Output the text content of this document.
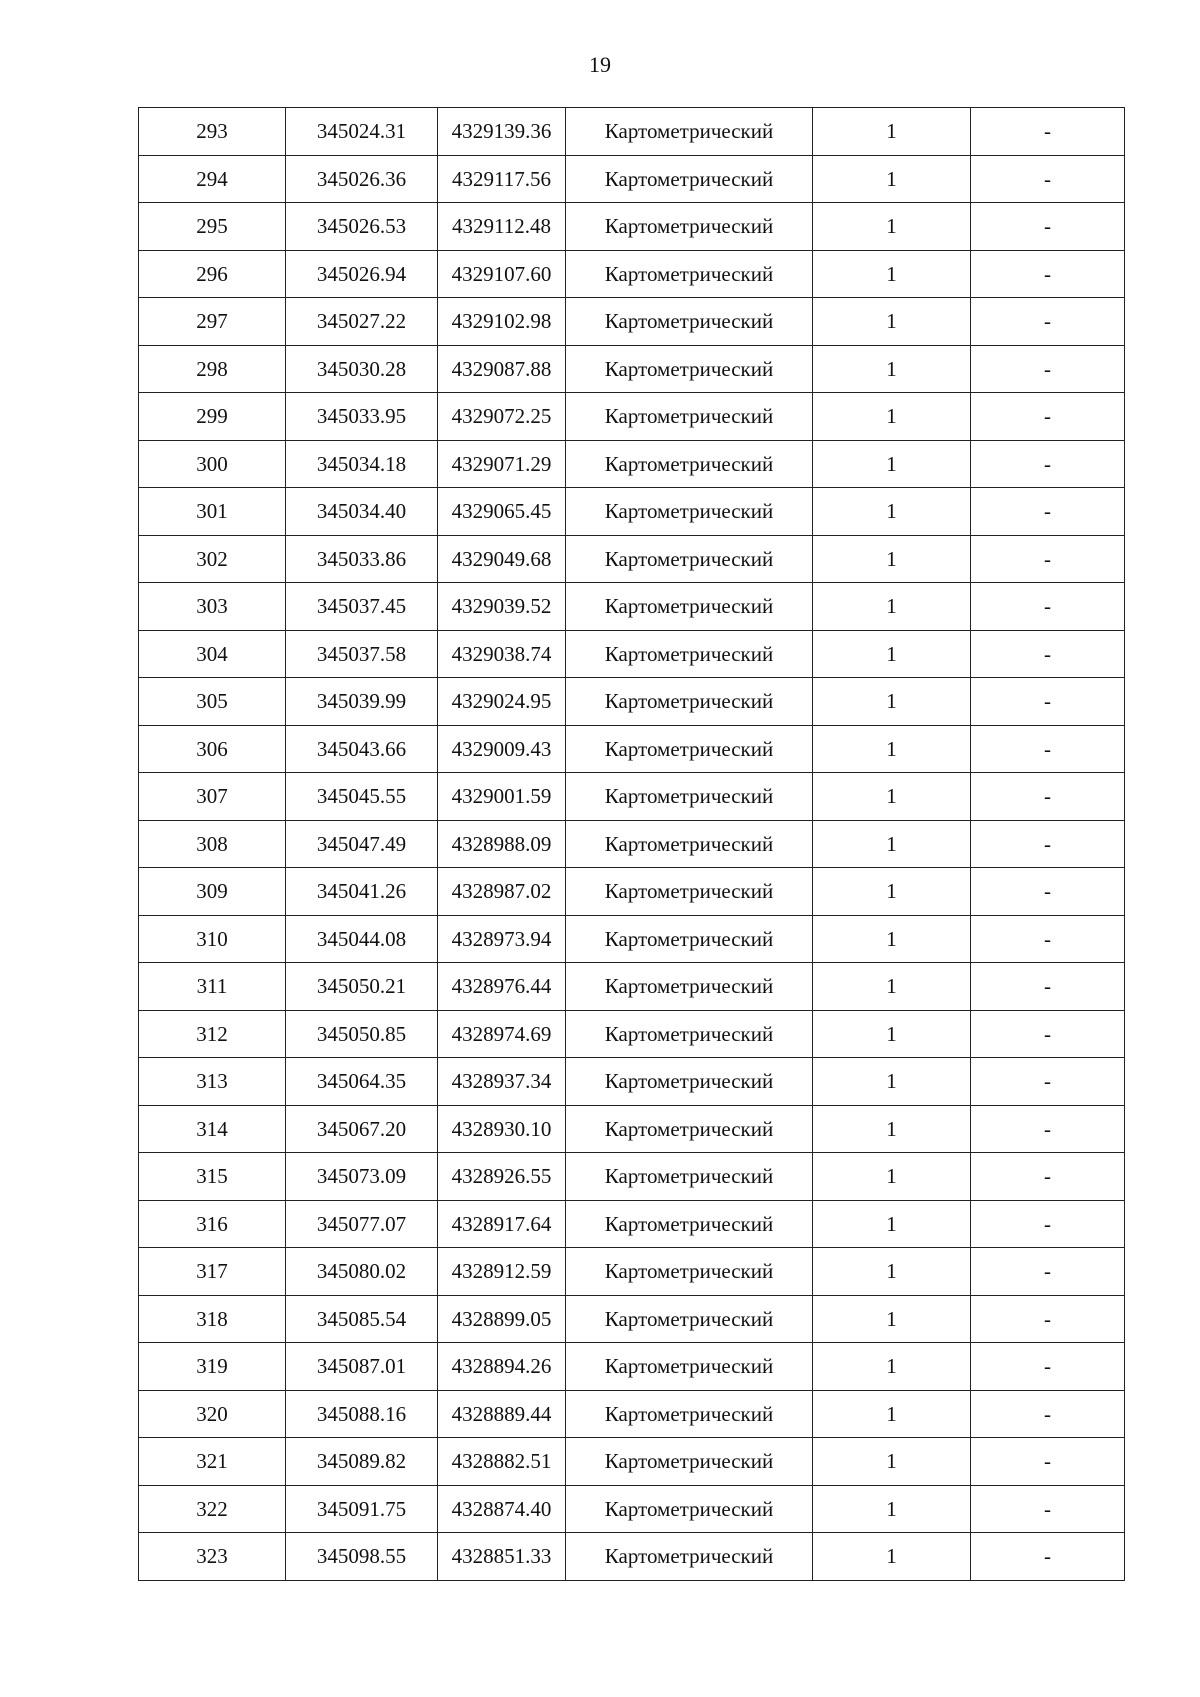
19
293	345024.31	4329139.36	Картометрический	1	-
294	345026.36	4329117.56	Картометрический	1	-
295	345026.53	4329112.48	Картометрический	1	-
296	345026.94	4329107.60	Картометрический	1	-
297	345027.22	4329102.98	Картометрический	1	-
298	345030.28	4329087.88	Картометрический	1	-
299	345033.95	4329072.25	Картометрический	1	-
300	345034.18	4329071.29	Картометрический	1	-
301	345034.40	4329065.45	Картометрический	1	-
302	345033.86	4329049.68	Картометрический	1	-
303	345037.45	4329039.52	Картометрический	1	-
304	345037.58	4329038.74	Картометрический	1	-
305	345039.99	4329024.95	Картометрический	1	-
306	345043.66	4329009.43	Картометрический	1	-
307	345045.55	4329001.59	Картометрический	1	-
308	345047.49	4328988.09	Картометрический	1	-
309	345041.26	4328987.02	Картометрический	1	-
310	345044.08	4328973.94	Картометрический	1	-
311	345050.21	4328976.44	Картометрический	1	-
312	345050.85	4328974.69	Картометрический	1	-
313	345064.35	4328937.34	Картометрический	1	-
314	345067.20	4328930.10	Картометрический	1	-
315	345073.09	4328926.55	Картометрический	1	-
316	345077.07	4328917.64	Картометрический	1	-
317	345080.02	4328912.59	Картометрический	1	-
318	345085.54	4328899.05	Картометрический	1	-
319	345087.01	4328894.26	Картометрический	1	-
320	345088.16	4328889.44	Картометрический	1	-
321	345089.82	4328882.51	Картометрический	1	-
322	345091.75	4328874.40	Картометрический	1	-
323	345098.55	4328851.33	Картометрический	1	-
